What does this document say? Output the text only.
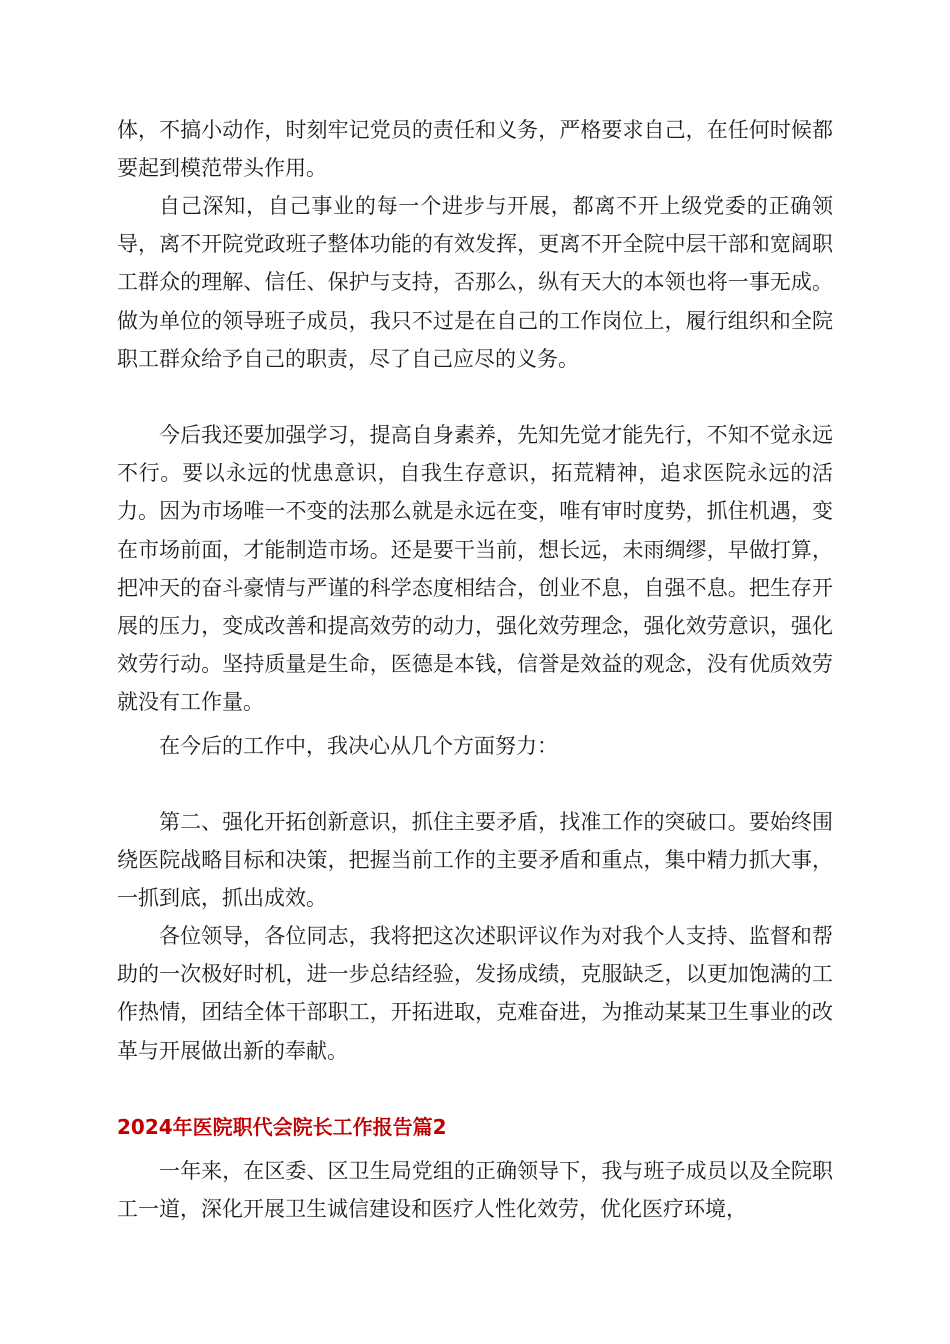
体，不搞小动作，时刻牢记党员的责任和义务，严格要求自己，在任何时候都要起到模范带头作用。

自己深知，自己事业的每一个进步与开展，都离不开上级党委的正确领导，离不开院党政班子整体功能的有效发挥，更离不开全院中层干部和宽阔职工群众的理解、信任、保护与支持，否那么，纵有天大的本领也将一事无成。做为单位的领导班子成员，我只不过是在自己的工作岗位上，履行组织和全院职工群众给予自己的职责，尽了自己应尽的义务。

今后我还要加强学习，提高自身素养，先知先觉才能先行，不知不觉永远不行。要以永远的忧患意识，自我生存意识，拓荒精神，追求医院永远的活力。因为市场唯一不变的法那么就是永远在变，唯有审时度势，抓住机遇，变在市场前面，才能制造市场。还是要干当前，想长远，未雨绸缪，早做打算，把冲天的奋斗豪情与严谨的科学态度相结合，创业不息，自强不息。把生存开展的压力，变成改善和提高效劳的动力，强化效劳理念，强化效劳意识，强化效劳行动。坚持质量是生命，医德是本钱，信誉是效益的观念，没有优质效劳就没有工作量。

在今后的工作中，我决心从几个方面努力：

第二、强化开拓创新意识，抓住主要矛盾，找准工作的突破口。要始终围绕医院战略目标和决策，把握当前工作的主要矛盾和重点，集中精力抓大事，一抓到底，抓出成效。

各位领导，各位同志，我将把这次述职评议作为对我个人支持、监督和帮助的一次极好时机，进一步总结经验，发扬成绩，克服缺乏，以更加饱满的工作热情，团结全体干部职工，开拓进取，克难奋进，为推动某某卫生事业的改革与开展做出新的奉献。

2024年医院职代会院长工作报告篇2

一年来，在区委、区卫生局党组的正确领导下，我与班子成员以及全院职工一道，深化开展卫生诚信建设和医疗人性化效劳，优化医疗环境，
